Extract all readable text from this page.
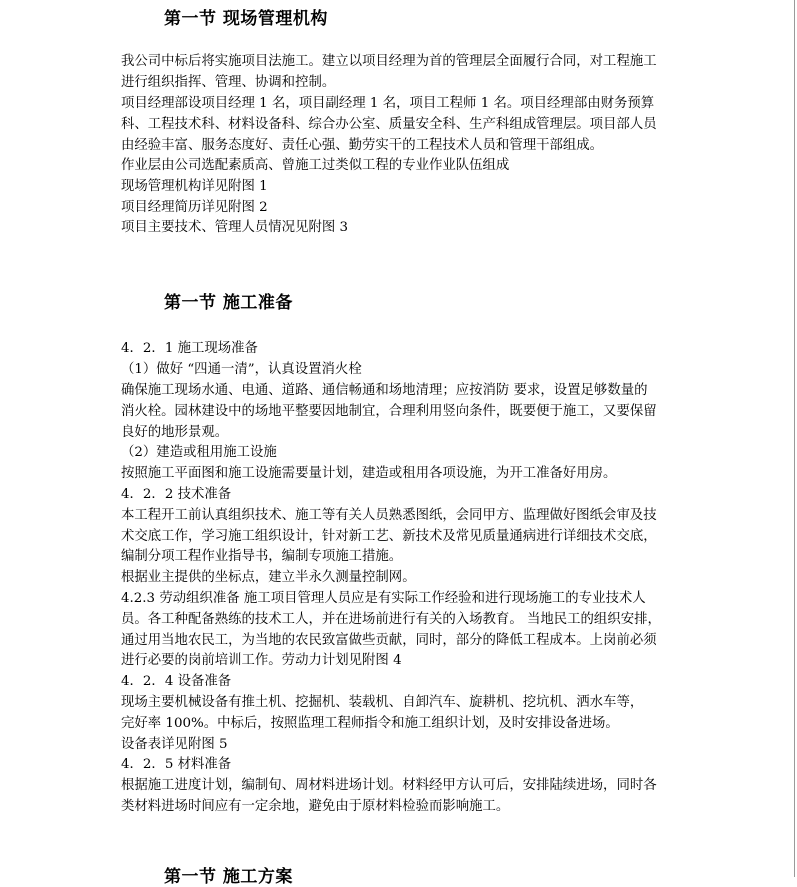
第一节 现场管理机构
我公司中标后将实施项目法施工。建立以项目经理为首的管理层全面履行合同，对工程施工
进行组织指挥、管理、协调和控制。
项目经理部设项目经理 1 名，项目副经理 1 名，项目工程师 1 名。项目经理部由财务预算
科、工程技术科、材料设备科、综合办公室、质量安全科、生产科组成管理层。项目部人员
由经验丰富、服务态度好、责任心强、勤劳实干的工程技术人员和管理干部组成。
作业层由公司选配素质高、曾施工过类似工程的专业作业队伍组成
现场管理机构详见附图 1
项目经理简历详见附图 2
项目主要技术、管理人员情况见附图 3
第一节 施工准备
4．2．1 施工现场准备
（1）做好 “四通一清”，认真设置消火栓
确保施工现场水通、电通、道路、通信畅通和场地清理；应按消防 要求，设置足够数量的
消火栓。园林建设中的场地平整要因地制宜，合理利用竖向条件，既要便于施工，又要保留
良好的地形景观。
（2）建造或租用施工设施
按照施工平面图和施工设施需要量计划，建造或租用各项设施，为开工准备好用房。
4．2．2 技术准备
本工程开工前认真组织技术、施工等有关人员熟悉图纸，会同甲方、监理做好图纸会审及技
术交底工作，学习施工组织设计，针对新工艺、新技术及常见质量通病进行详细技术交底，
编制分项工程作业指导书，编制专项施工措施。
根据业主提供的坐标点，建立半永久测量控制网。
4.2.3 劳动组织准备 施工项目管理人员应是有实际工作经验和进行现场施工的专业技术人
员。各工种配备熟练的技术工人，并在进场前进行有关的入场教育。 当地民工的组织安排，
通过用当地农民工，为当地的农民致富做些贡献，同时，部分的降低工程成本。上岗前必须
进行必要的岗前培训工作。劳动力计划见附图 4
4．2．4 设备准备
现场主要机械设备有推土机、挖掘机、装载机、自卸汽车、旋耕机、挖坑机、洒水车等，
完好率 100%。中标后，按照监理工程师指令和施工组织计划，及时安排设备进场。
设备表详见附图 5
4．2．5 材料准备
根据施工进度计划，编制旬、周材料进场计划。材料经甲方认可后，安排陆续进场，同时各
类材料进场时间应有一定余地，避免由于原材料检验而影响施工。
第一节 施工方案
